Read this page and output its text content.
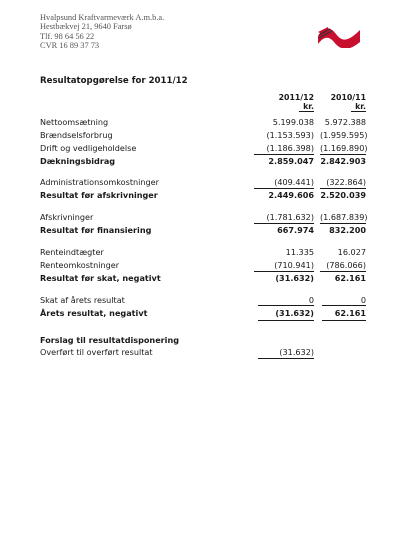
Hvalpsund Kraftvarmeværk A.m.b.a.
Hestbækvej 21, 9640 Farsø
Tlf. 98 64 56 22
CVR 16 89 37 73
Resultatopgørelse for 2011/12
2011/12
kr.
2010/11
kr.
Nettoomsætning	5.199.038	5.972.388
Brændselsforbrug	(1.153.593) (1.959.595)
Drift og vedligeholdelse	(1.186.398) (1.169.890)
Dækningsbidrag	2.859.047 2.842.903
Administrationsomkostninger	(409.441)	(322.864)
Resultat før afskrivninger	2.449.606 2.520.039
Afskrivninger	(1.781.632) (1.687.839)
Resultat før finansiering	667.974	832.200
Renteindtægter	11.335	16.027
Renteomkostninger	(710.941)	(786.066)
Resultat før skat, negativt	(31.632)	62.161
Skat af årets resultat	0	0
Årets resultat, negativt	(31.632)	62.161
Forslag til resultatdisponering
Overført til overført resultat	(31.632)
